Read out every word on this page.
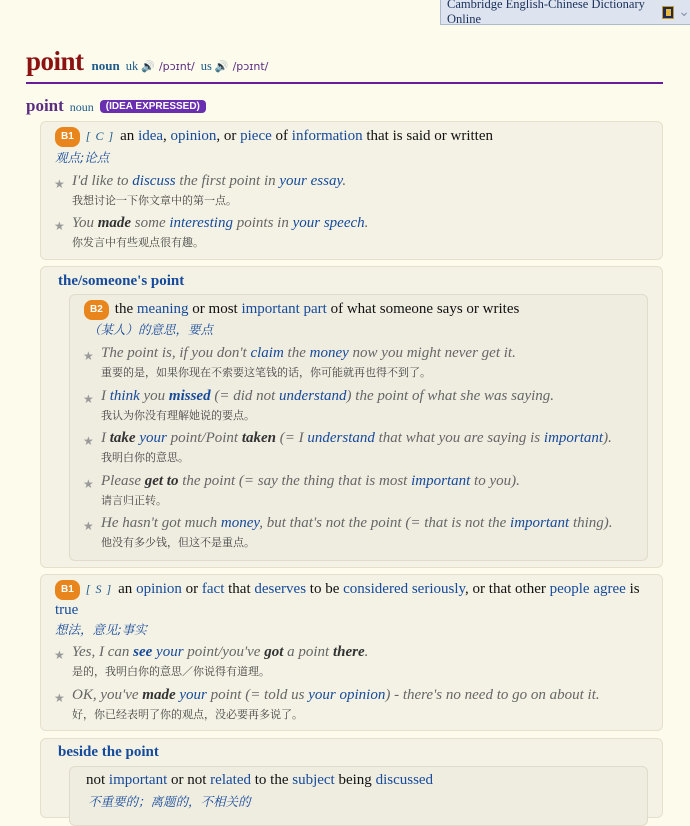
Cambridge English-Chinese Dictionary Online	⌄
point noun uk 🔊 /pɔɪnt/ us 🔊 /pɔɪnt/
point noun	(IDEA EXPRESSED)
B1 [ C ] an idea, opinion, or piece of information that is said or written
观点;论点
★ I'd like to discuss the first point in your essay.
我想讨论一下你文章中的第一点。
★ You made some interesting points in your speech.
你发言中有些观点很有趣。
the/someone's point
B2 the meaning or most important part of what someone says or writes
（某人）的意思，要点
★ The point is, if you don't claim the money now you might never get it.
重要的是，如果你现在不索要这笔钱的话，你可能就再也得不到了。
★ I think you missed (= did not understand) the point of what she was saying.
我认为你没有理解她说的要点。
★ I take your point/Point taken (= I understand that what you are saying is important).
我明白你的意思。
★ Please get to the point (= say the thing that is most important to you).
请言归正转。
★ He hasn't got much money, but that's not the point (= that is not the important thing).
他没有多少钱，但这不是重点。
B1 [ S ] an opinion or fact that deserves to be considered seriously, or that other people agree is true
想法，意见;事实
★ Yes, I can see your point/you've got a point there.
是的，我明白你的意思／你说得有道理。
★ OK, you've made your point (= told us your opinion) - there's no need to go on about it.
好，你已经表明了你的观点，没必要再多说了。
beside the point
not important or not related to the subject being discussed
不重要的；离题的，不相关的
